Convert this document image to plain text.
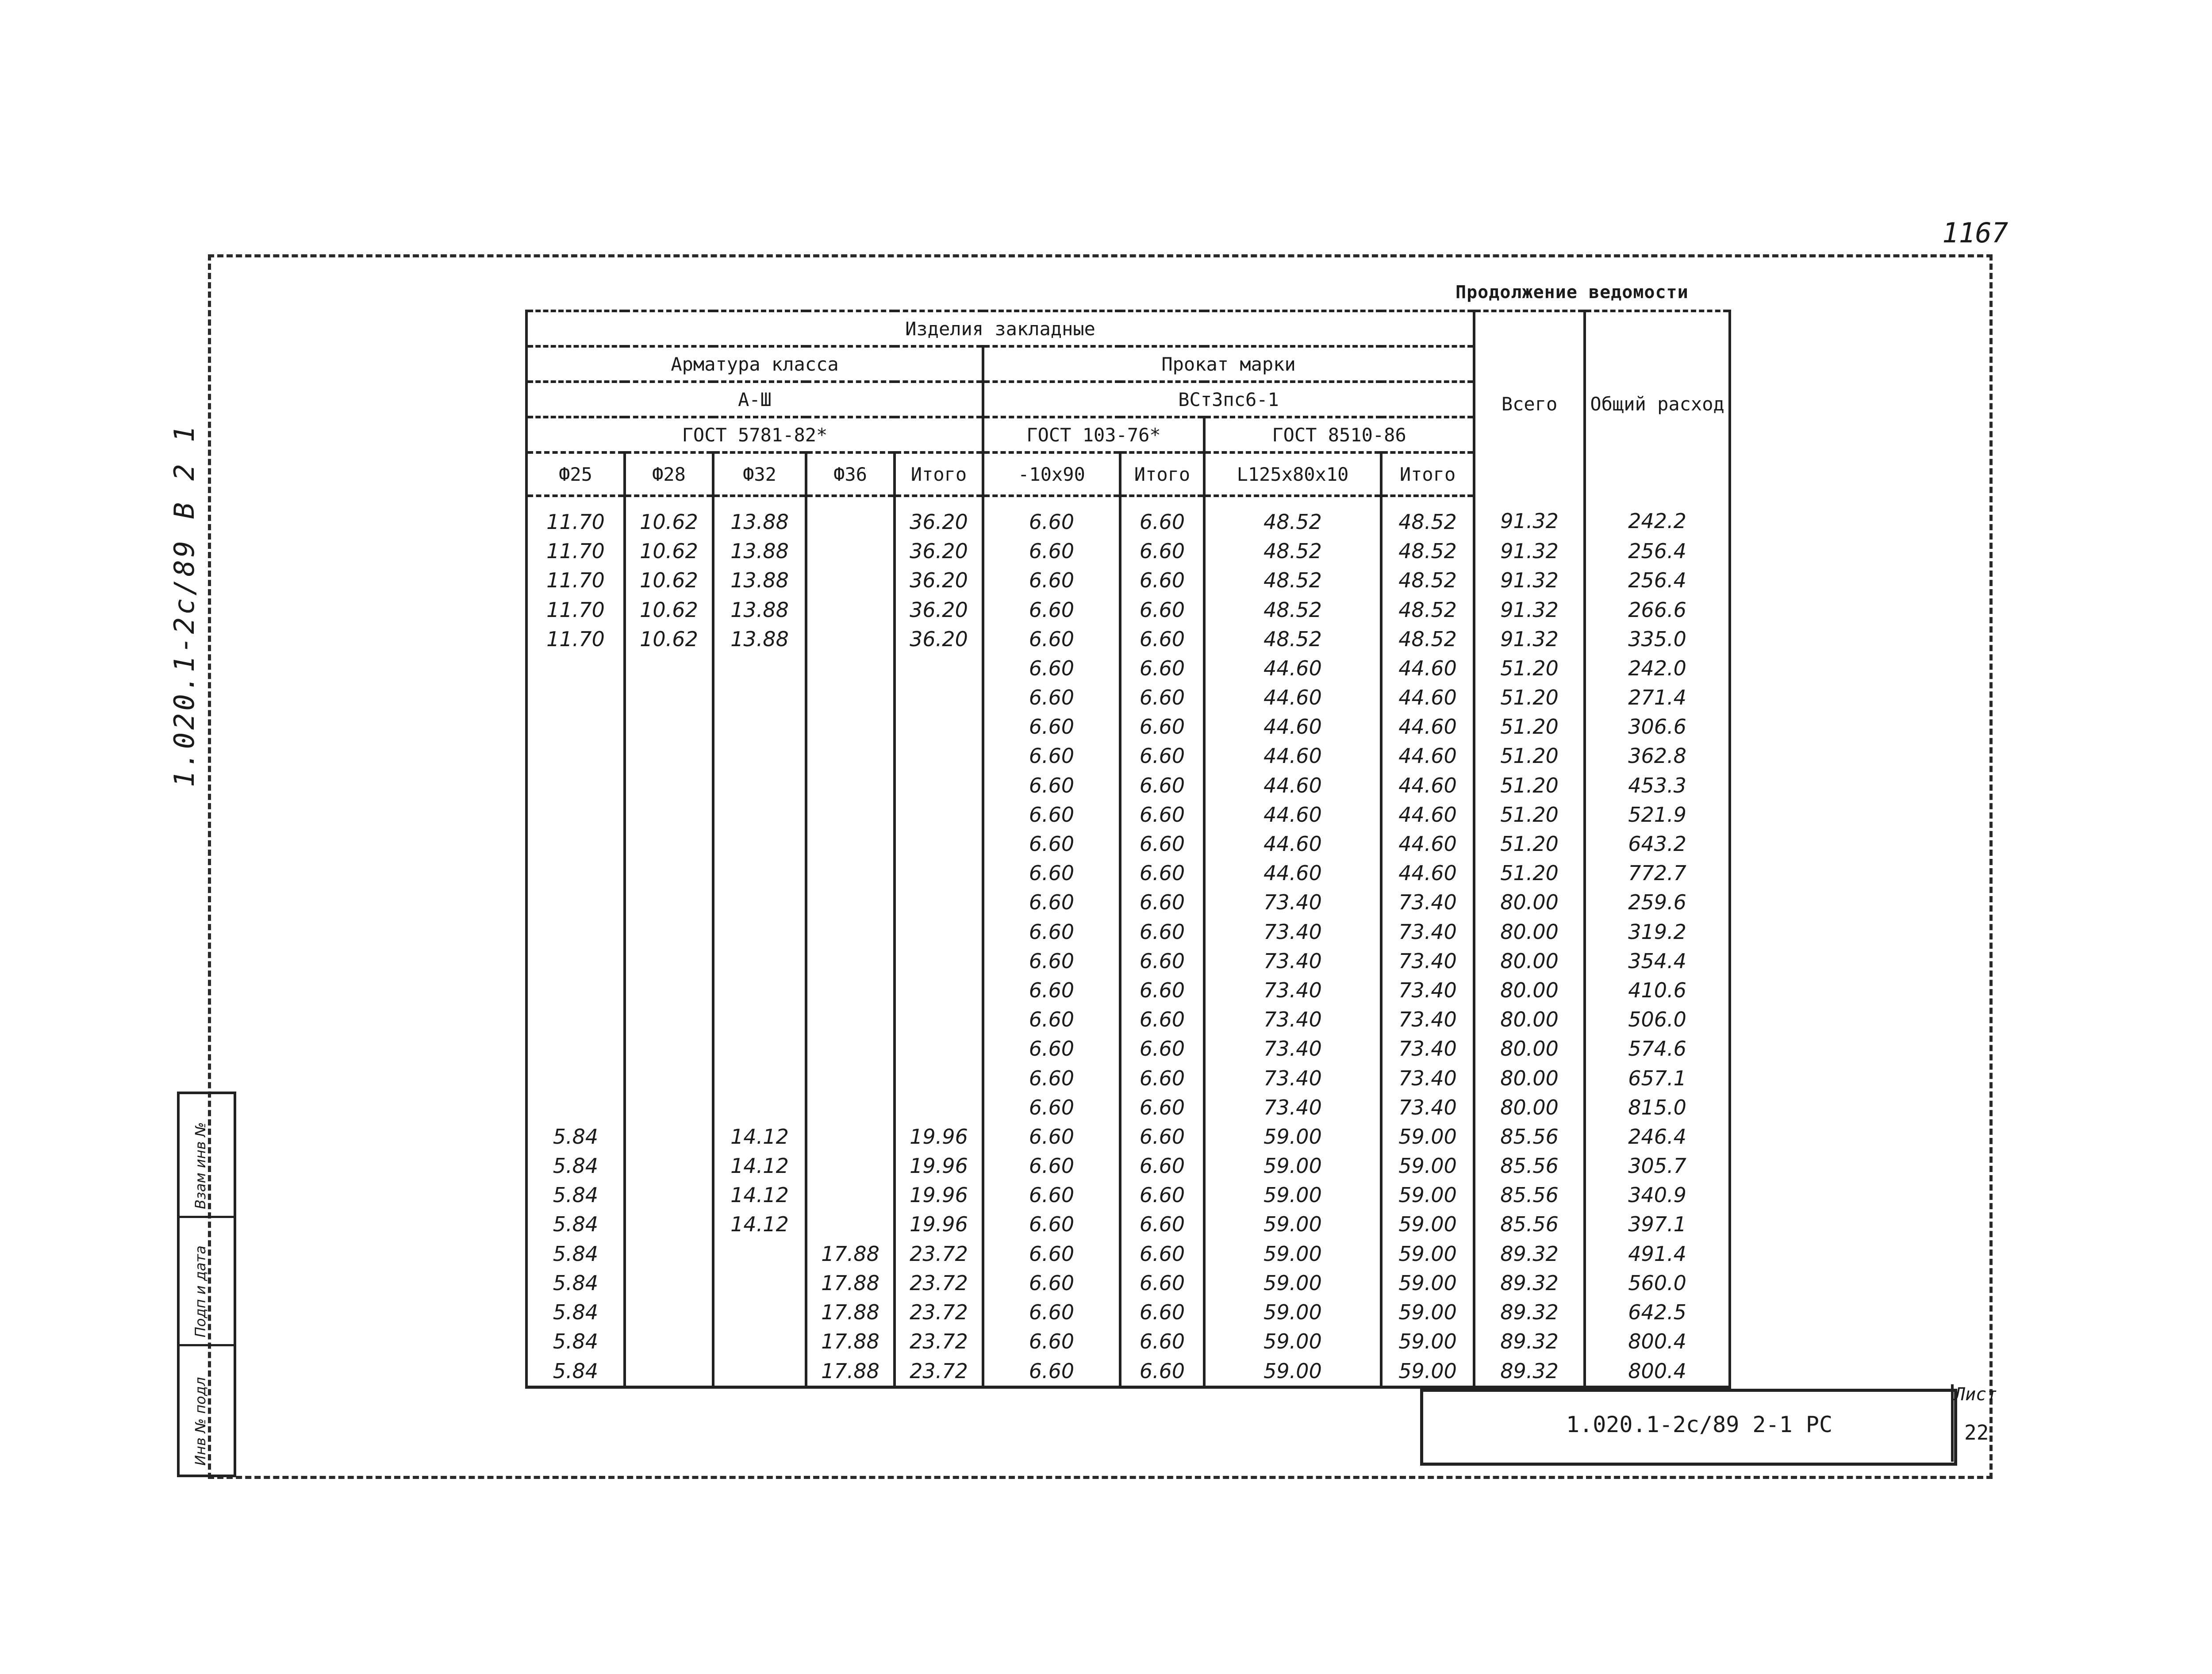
1167
Продолжение ведомости
1.020.1-2с/89 В 2 1
	Изделия закладные									Всего	Общий расход
	Арматура класса					Прокат марки					
	А-Ш					ВСт3пс6-1					
	ГОСТ 5781-82*					ГОСТ 103-76*		ГОСТ 8510-86			
	Ф25	Ф28	Ф32	Ф36	Итого	-10x90	Итого	L125x80x10	Итого		
	11.70	10.62	13.88		36.20	6.60	6.60	48.52	48.52	91.32	242.2
	11.70	10.62	13.88		36.20	6.60	6.60	48.52	48.52	91.32	256.4
	11.70	10.62	13.88		36.20	6.60	6.60	48.52	48.52	91.32	256.4
	11.70	10.62	13.88		36.20	6.60	6.60	48.52	48.52	91.32	266.6
	11.70	10.62	13.88		36.20	6.60	6.60	48.52	48.52	91.32	335.0
						6.60	6.60	44.60	44.60	51.20	242.0
						6.60	6.60	44.60	44.60	51.20	271.4
						6.60	6.60	44.60	44.60	51.20	306.6
						6.60	6.60	44.60	44.60	51.20	362.8
						6.60	6.60	44.60	44.60	51.20	453.3
						6.60	6.60	44.60	44.60	51.20	521.9
						6.60	6.60	44.60	44.60	51.20	643.2
						6.60	6.60	44.60	44.60	51.20	772.7
						6.60	6.60	73.40	73.40	80.00	259.6
						6.60	6.60	73.40	73.40	80.00	319.2
						6.60	6.60	73.40	73.40	80.00	354.4
						6.60	6.60	73.40	73.40	80.00	410.6
						6.60	6.60	73.40	73.40	80.00	506.0
						6.60	6.60	73.40	73.40	80.00	574.6
						6.60	6.60	73.40	73.40	80.00	657.1
						6.60	6.60	73.40	73.40	80.00	815.0
	5.84		14.12		19.96	6.60	6.60	59.00	59.00	85.56	246.4
	5.84		14.12		19.96	6.60	6.60	59.00	59.00	85.56	305.7
	5.84		14.12		19.96	6.60	6.60	59.00	59.00	85.56	340.9
	5.84		14.12		19.96	6.60	6.60	59.00	59.00	85.56	397.1
	5.84			17.88	23.72	6.60	6.60	59.00	59.00	89.32	491.4
	5.84			17.88	23.72	6.60	6.60	59.00	59.00	89.32	560.0
	5.84			17.88	23.72	6.60	6.60	59.00	59.00	89.32	642.5
	5.84			17.88	23.72	6.60	6.60	59.00	59.00	89.32	800.4
	5.84			17.88	23.72	6.60	6.60	59.00	59.00	89.32	800.4
Взам инв №
Подп и дата
Инв № подл	1.020.1-2с/89 2-1 РС
Лист
22
